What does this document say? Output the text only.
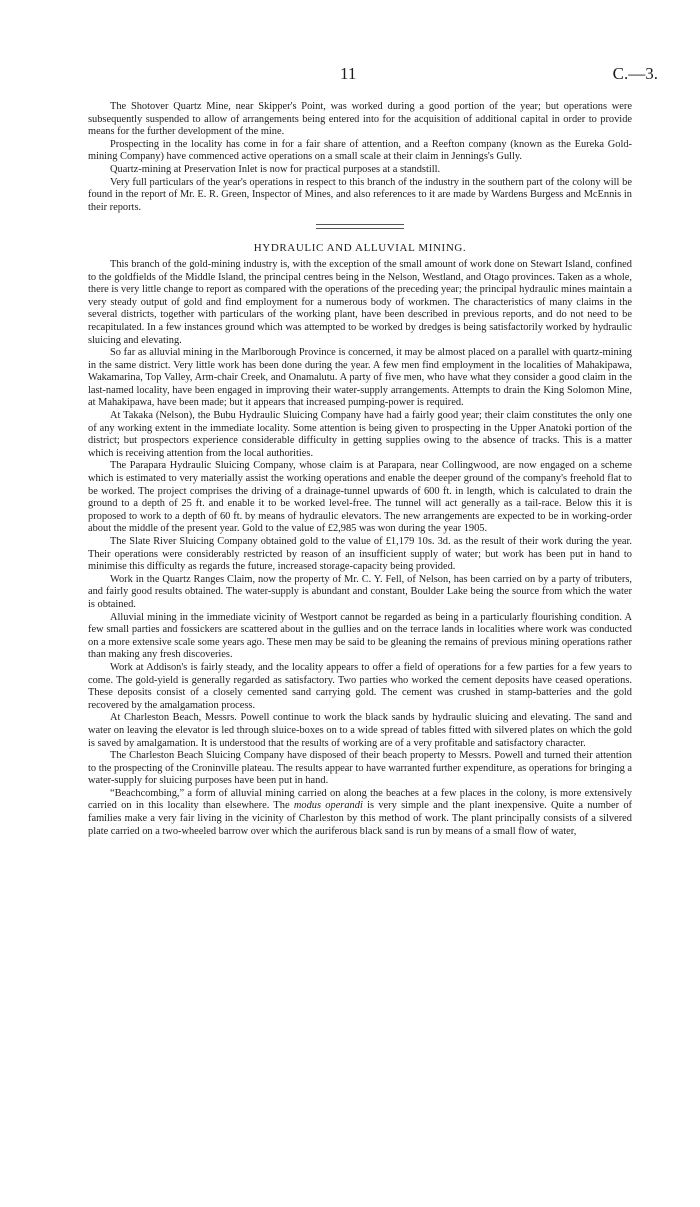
11	C.—3.

The Shotover Quartz Mine, near Skipper's Point, was worked during a good portion of the year; but operations were subsequently suspended to allow of arrangements being entered into for the acquisition of additional capital in order to provide means for the further development of the mine.

Prospecting in the locality has come in for a fair share of attention, and a Reefton company (known as the Eureka Gold-mining Company) have commenced active operations on a small scale at their claim in Jennings's Gully.

Quartz-mining at Preservation Inlet is now for practical purposes at a standstill.

Very full particulars of the year's operations in respect to this branch of the industry in the southern part of the colony will be found in the report of Mr. E. R. Green, Inspector of Mines, and also references to it are made by Wardens Burgess and McEnnis in their reports.

HYDRAULIC AND ALLUVIAL MINING.

This branch of the gold-mining industry is, with the exception of the small amount of work done on Stewart Island, confined to the goldfields of the Middle Island, the principal centres being in the Nelson, Westland, and Otago provinces. Taken as a whole, there is very little change to report as compared with the operations of the preceding year; the principal hydraulic mines maintain a very steady output of gold and find employment for a numerous body of workmen. The characteristics of many claims in the several districts, together with particulars of the working plant, have been described in previous reports, and do not need to be recapitulated. In a few instances ground which was attempted to be worked by dredges is being satisfactorily worked by hydraulic sluicing and elevating.

So far as alluvial mining in the Marlborough Province is concerned, it may be almost placed on a parallel with quartz-mining in the same district. Very little work has been done during the year. A few men find employment in the localities of Mahakipawa, Wakamarina, Top Valley, Arm-chair Creek, and Onamalutu. A party of five men, who have what they consider a good claim in the last-named locality, have been engaged in improving their water-supply arrangements. Attempts to drain the King Solomon Mine, at Mahakipawa, have been made; but it appears that increased pumping-power is required.

At Takaka (Nelson), the Bubu Hydraulic Sluicing Company have had a fairly good year; their claim constitutes the only one of any working extent in the immediate locality. Some attention is being given to prospecting in the Upper Anatoki portion of the district; but prospectors experience considerable difficulty in getting supplies owing to the absence of tracks. This is a matter which is receiving attention from the local authorities.

The Parapara Hydraulic Sluicing Company, whose claim is at Parapara, near Collingwood, are now engaged on a scheme which is estimated to very materially assist the working operations and enable the deeper ground of the company's freehold flat to be worked. The project comprises the driving of a drainage-tunnel upwards of 600 ft. in length, which is calculated to drain the ground to a depth of 25 ft. and enable it to be worked level-free. The tunnel will act generally as a tail-race. Below this it is proposed to work to a depth of 60 ft. by means of hydraulic elevators. The new arrangements are expected to be in working-order about the middle of the present year. Gold to the value of £2,985 was won during the year 1905.

The Slate River Sluicing Company obtained gold to the value of £1,179 10s. 3d. as the result of their work during the year. Their operations were considerably restricted by reason of an insufficient supply of water; but work has been put in hand to minimise this difficulty as regards the future, increased storage-capacity being provided.

Work in the Quartz Ranges Claim, now the property of Mr. C. Y. Fell, of Nelson, has been carried on by a party of tributers, and fairly good results obtained. The water-supply is abundant and constant, Boulder Lake being the source from which the water is obtained.

Alluvial mining in the immediate vicinity of Westport cannot be regarded as being in a particularly flourishing condition. A few small parties and fossickers are scattered about in the gullies and on the terrace lands in localities where work was conducted on a more extensive scale some years ago. These men may be said to be gleaning the remains of previous mining operations rather than making any fresh discoveries.

Work at Addison's is fairly steady, and the locality appears to offer a field of operations for a few parties for a few years to come. The gold-yield is generally regarded as satisfactory. Two parties who worked the cement deposits have ceased operations. These deposits consist of a closely cemented sand carrying gold. The cement was crushed in stamp-batteries and the gold recovered by the amalgamation process.

At Charleston Beach, Messrs. Powell continue to work the black sands by hydraulic sluicing and elevating. The sand and water on leaving the elevator is led through sluice-boxes on to a wide spread of tables fitted with silvered plates on which the gold is saved by amalgamation. It is understood that the results of working are of a very profitable and satisfactory character.

The Charleston Beach Sluicing Company have disposed of their beach property to Messrs. Powell and turned their attention to the prospecting of the Croninville plateau. The results appear to have warranted further expenditure, as operations for bringing a water-supply for sluicing purposes have been put in hand.

“Beachcombing,” a form of alluvial mining carried on along the beaches at a few places in the colony, is more extensively carried on in this locality than elsewhere. The modus operandi is very simple and the plant inexpensive. Quite a number of families make a very fair living in the vicinity of Charleston by this method of work. The plant principally consists of a silvered plate carried on a two-wheeled barrow over which the auriferous black sand is run by means of a small flow of water,
